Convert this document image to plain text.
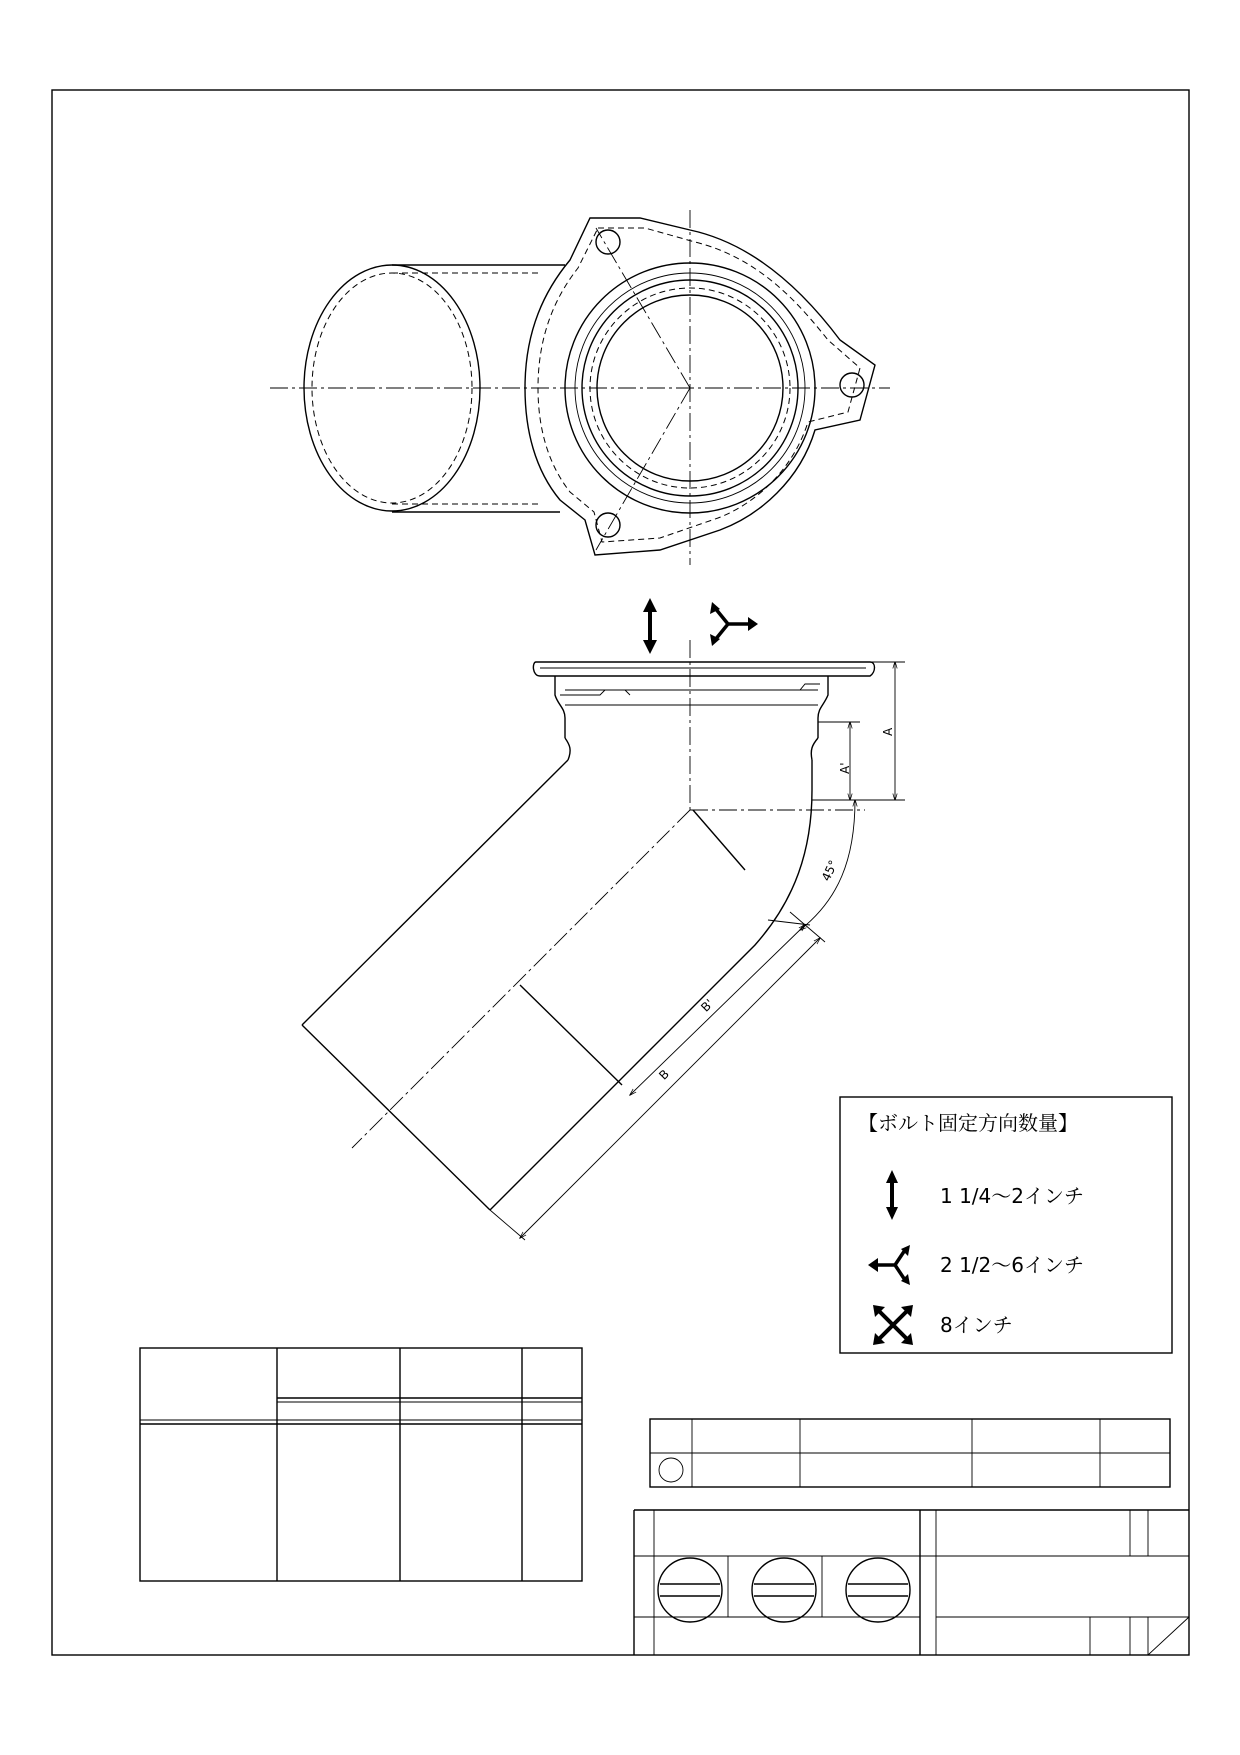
A
A'
45°
B'
B
【ボルト固定方向数量】
1 1/4～2インチ
2 1/2～6インチ
8インチ
